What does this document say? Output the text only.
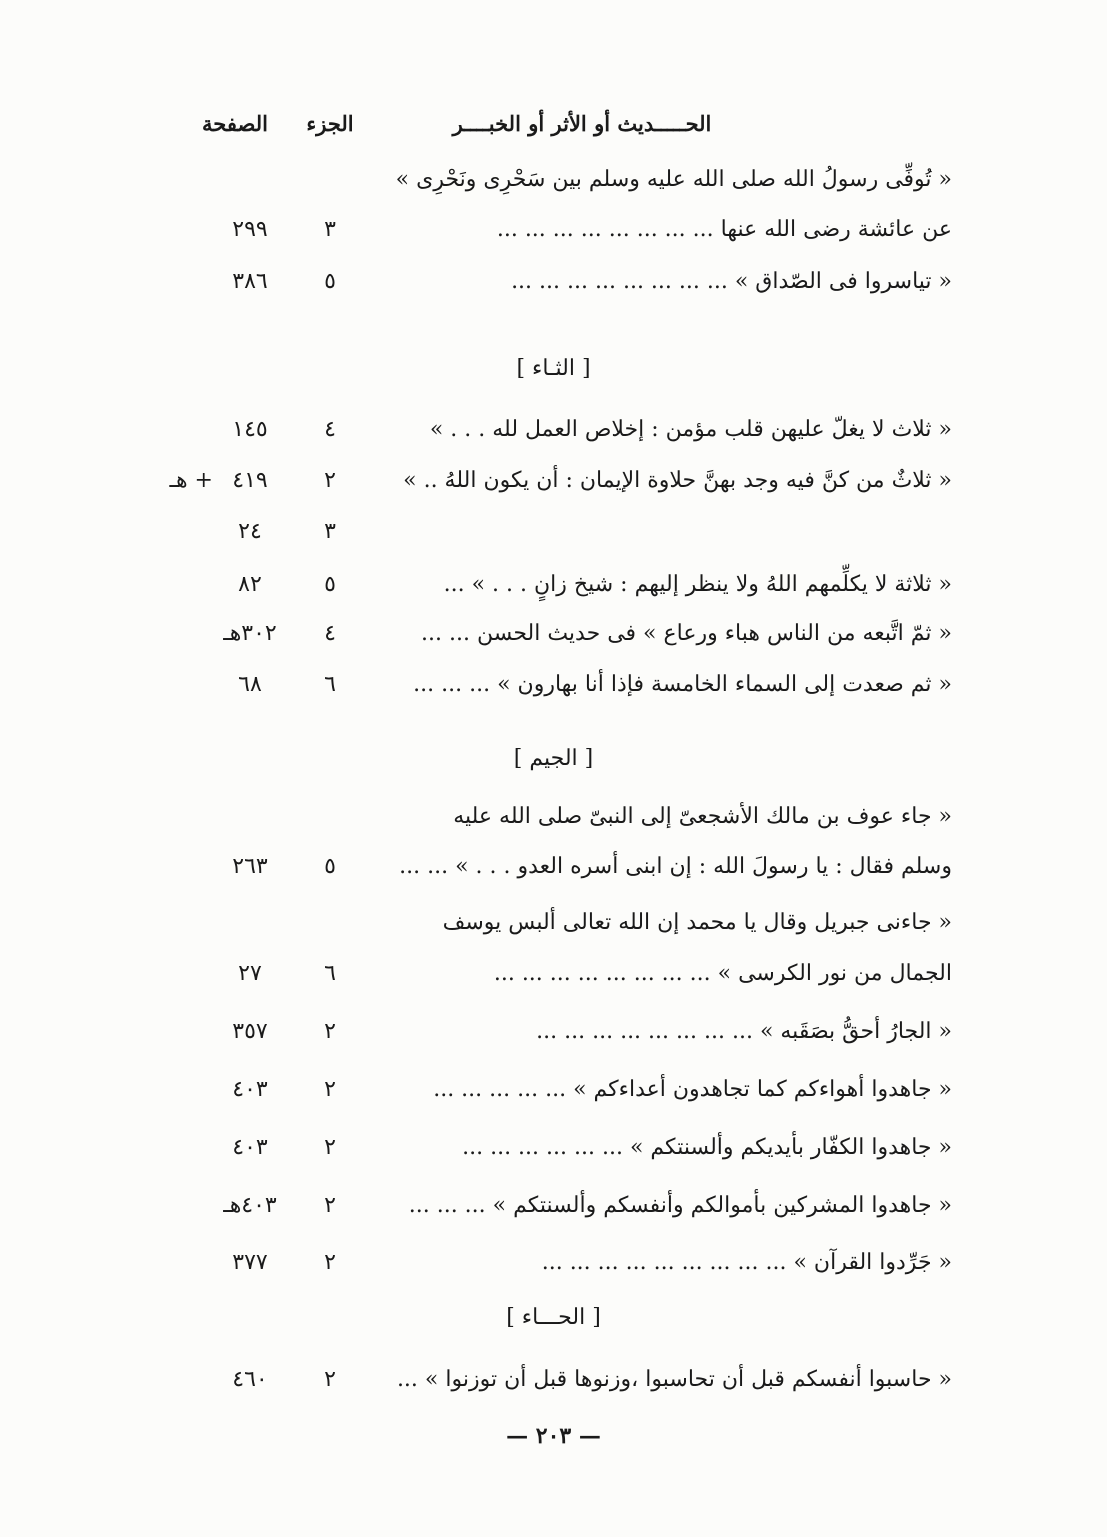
الحـــــديث أو الأثر أو الخبــــر
الجزء
الصفحة
« تُوفِّى رسولُ الله صلى الله عليه وسلم بين سَحْرِى ونَحْرِى »
عن عائشة رضى الله عنها ... ... ... ... ... ... ... ...
٣
٢٩٩
« تياسروا فى الصّداق » ... ... ... ... ... ... ... ...
٥
٣٨٦
[ الثـاء ]
« ثلاث لا يغلّ عليهن قلب مؤمن : إخلاص العمل لله . . . »
٤
١٤٥
« ثلاثٌ من كنَّ فيه وجد بهنَّ حلاوة الإيمان : أن يكون اللهُ .. »
٢
٤١٩ + هـ
٣
٢٤
« ثلاثة لا يكلِّمهم اللهُ ولا ينظر إليهم : شيخ زانٍ . . . » ...
٥
٨٢
« ثمّ اتَّبعه من الناس هباء ورعاع » فى حديث الحسن ... ...
٤
٣٠٢هـ
« ثم صعدت إلى السماء الخامسة فإذا أنا بهارون » ... ... ...
٦
٦٨
[ الجيم ]
« جاء عوف بن مالك الأشجعىّ إلى النبىّ صلى الله عليه
وسلم فقال : يا رسولَ الله : إن ابنى أسره العدو . . . » ... ...
٥
٢٦٣
« جاءنى جبريل وقال يا محمد إن الله تعالى ألبس يوسف
الجمال من نور الكرسى » ... ... ... ... ... ... ... ...
٦
٢٧
« الجارُ أحقُّ بصَقَبه » ... ... ... ... ... ... ... ...
٢
٣٥٧
« جاهدوا أهواءكم كما تجاهدون أعداءكم » ... ... ... ... ...
٢
٤٠٣
« جاهدوا الكفّار بأيديكم وألسنتكم » ... ... ... ... ... ...
٢
٤٠٣
« جاهدوا المشركين بأموالكم وأنفسكم وألسنتكم » ... ... ...
٢
٤٠٣هـ
« جَرِّدوا القرآن » ... ... ... ... ... ... ... ... ...
٢
٣٧٧
[ الحـــاء ]
« حاسبوا أنفسكم قبل أن تحاسبوا ،وزنوها قبل أن توزنوا » ...
٢
٤٦٠
— ٢٠٣ —
